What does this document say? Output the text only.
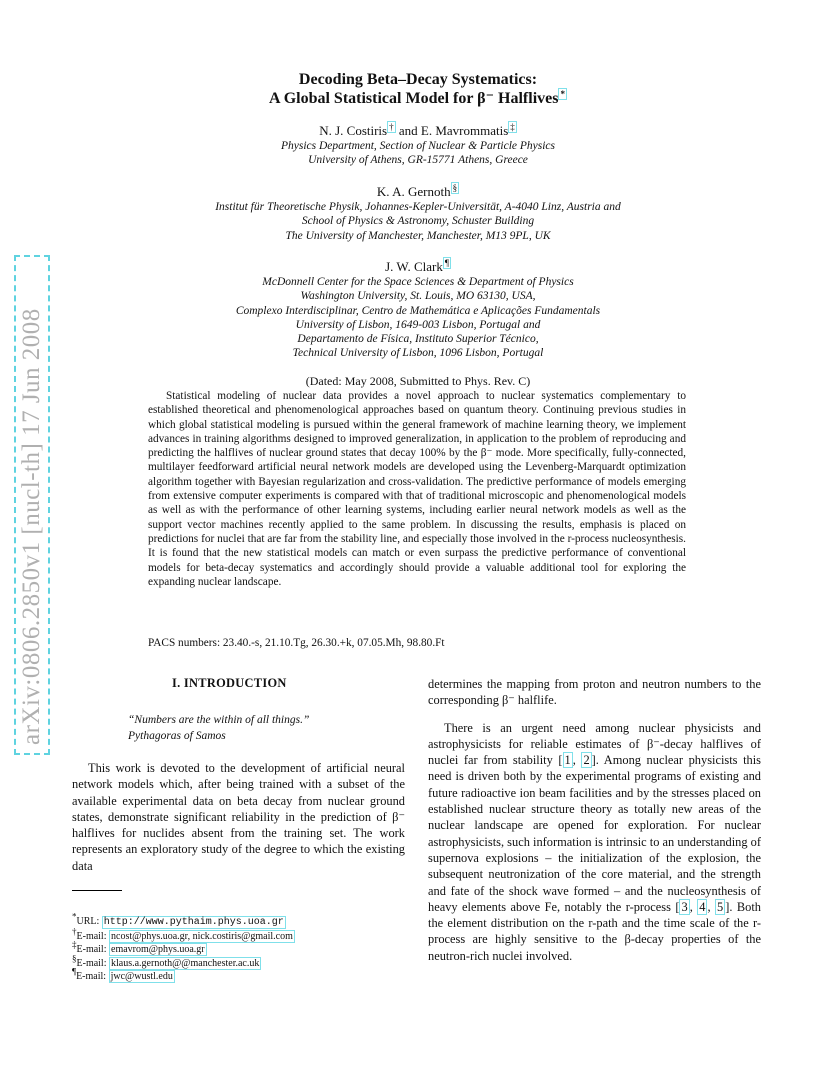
arXiv:0806.2850v1 [nucl-th] 17 Jun 2008
Decoding Beta–Decay Systematics:
A Global Statistical Model for β⁻ Halflives *
N. J. Costiris † and E. Mavrommatis ‡
Physics Department, Section of Nuclear & Particle Physics
University of Athens, GR-15771 Athens, Greece
K. A. Gernoth §
Institut für Theoretische Physik, Johannes-Kepler-Universität, A-4040 Linz, Austria and
School of Physics & Astronomy, Schuster Building
The University of Manchester, Manchester, M13 9PL, UK
J. W. Clark ¶
McDonnell Center for the Space Sciences & Department of Physics
Washington University, St. Louis, MO 63130, USA,
Complexo Interdisciplinar, Centro de Mathemática e Aplicações Fundamentals
University of Lisbon, 1649-003 Lisbon, Portugal and
Departamento de Física, Instituto Superior Técnico,
Technical University of Lisbon, 1096 Lisbon, Portugal
(Dated: May 2008, Submitted to Phys. Rev. C)
Statistical modeling of nuclear data provides a novel approach to nuclear systematics complementary to established theoretical and phenomenological approaches based on quantum theory. Continuing previous studies in which global statistical modeling is pursued within the general framework of machine learning theory, we implement advances in training algorithms designed to improved generalization, in application to the problem of reproducing and predicting the halflives of nuclear ground states that decay 100% by the β⁻ mode. More specifically, fully-connected, multilayer feedforward artificial neural network models are developed using the Levenberg-Marquardt optimization algorithm together with Bayesian regularization and cross-validation. The predictive performance of models emerging from extensive computer experiments is compared with that of traditional microscopic and phenomenological models as well as with the performance of other learning systems, including earlier neural network models as well as the support vector machines recently applied to the same problem. In discussing the results, emphasis is placed on predictions for nuclei that are far from the stability line, and especially those involved in the r-process nucleosynthesis. It is found that the new statistical models can match or even surpass the predictive performance of conventional models for beta-decay systematics and accordingly should provide a valuable additional tool for exploring the expanding nuclear landscape.
PACS numbers: 23.40.-s, 21.10.Tg, 26.30.+k, 07.05.Mh, 98.80.Ft
I. INTRODUCTION
“Numbers are the within of all things.”
Pythagoras of Samos

This work is devoted to the development of artificial neural network models which, after being trained with a subset of the available experimental data on beta decay from nuclear ground states, demonstrate significant reliability in the prediction of β⁻ halflives for nuclides absent from the training set. The work represents an exploratory study of the degree to which the existing data

*URL: http://www.pythaim.phys.uoa.gr
†E-mail: ncost@phys.uoa.gr, nick.costiris@gmail.com
‡E-mail: emavrom@phys.uoa.gr
§E-mail: klaus.a.gernoth@@manchester.ac.uk
¶E-mail: jwc@wustl.edu

determines the mapping from proton and neutron numbers to the corresponding β⁻ halflife.

There is an urgent need among nuclear physicists and astrophysicists for reliable estimates of β⁻-decay halflives of nuclei far from stability [ 1 , 2 ]. Among nuclear physicists this need is driven both by the experimental programs of existing and future radioactive ion beam facilities and by the stresses placed on established nuclear structure theory as totally new areas of the nuclear landscape are opened for exploration. For nuclear astrophysicists, such information is intrinsic to an understanding of supernova explosions – the initialization of the explosion, the subsequent neutronization of the core material, and the strength and fate of the shock wave formed – and the nucleosynthesis of heavy elements above Fe, notably the r-process [ 3 , 4 , 5 ]. Both the element distribution on the r-path and the time scale of the r-process are highly sensitive to the β-decay properties of the neutron-rich nuclei involved.
